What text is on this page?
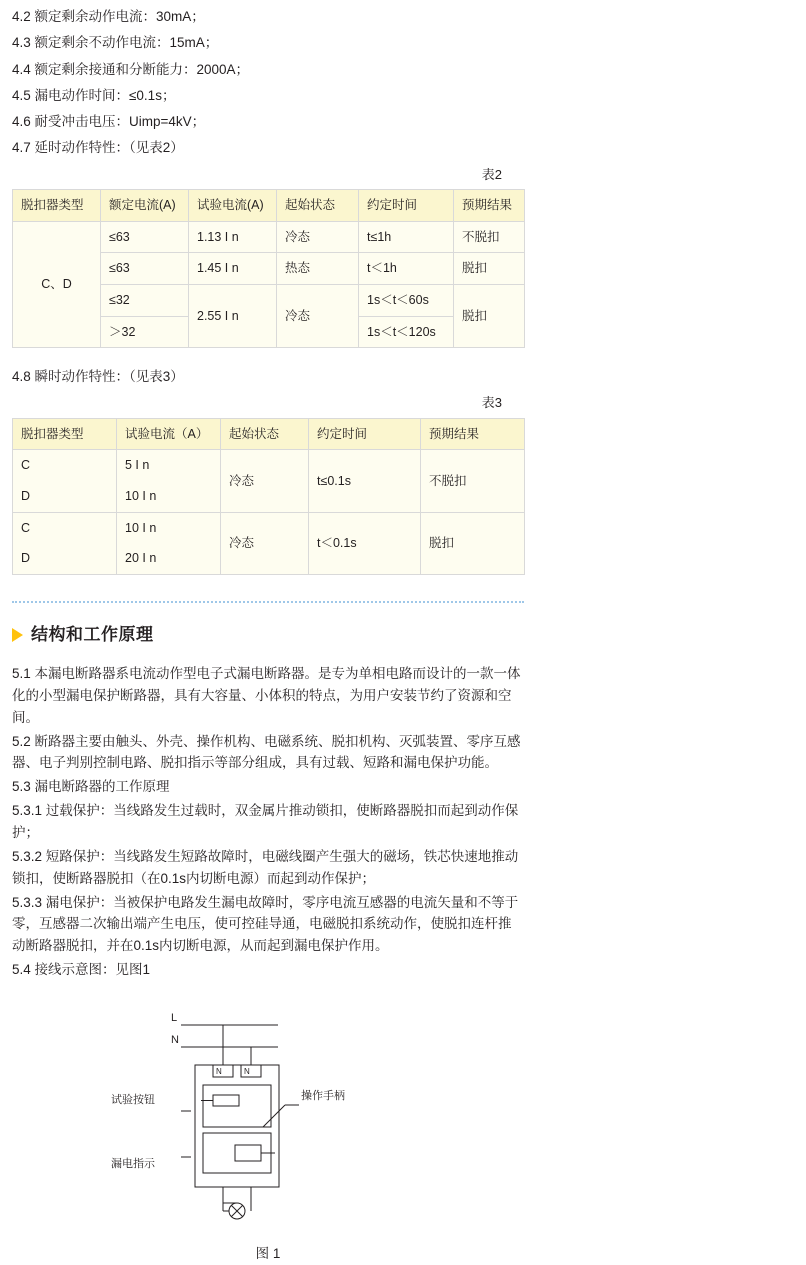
4.2 额定剩余动作电流：30mA；

4.3 额定剩余不动作电流：15mA；

4.4 额定剩余接通和分断能力：2000A；

4.5 漏电动作时间：≤0.1s；

4.6 耐受冲击电压：Uimp=4kV；

4.7 延时动作特性：（见表2）

表2
脱扣器类型	额定电流(A)	试验电流(A)	起始状态	约定时间	预期结果
C、D	≤63	1.13 I n	冷态	t≤1h	不脱扣
	≤63	1.45 I n	热态	t＜1h	脱扣
	≤32	2.55 I n	冷态	1s＜t＜60s	脱扣
	＞32			1s＜t＜120s	

4.8 瞬时动作特性：（见表3）

表3
脱扣器类型	试验电流（A）	起始状态	约定时间	预期结果
C	5 I n	冷态	t≤0.1s	不脱扣
D	10 I n			
C	10 I n	冷态	t＜0.1s	脱扣
D	20 I n			
结构和工作原理

5.1 本漏电断路器系电流动作型电子式漏电断路器。是专为单相电路而设计的一款一体化的小型漏电保护断路器，具有大容量、小体积的特点，为用户安装节约了资源和空间。

5.2 断路器主要由触头、外壳、操作机构、电磁系统、脱扣机构、灭弧装置、零序互感器、电子判别控制电路、脱扣指示等部分组成，具有过载、短路和漏电保护功能。

5.3 漏电断路器的工作原理

5.3.1 过载保护：当线路发生过载时，双金属片推动锁扣，使断路器脱扣而起到动作保护；

5.3.2 短路保护：当线路发生短路故障时，电磁线圈产生强大的磁场，铁芯快速地推动锁扣，使断路器脱扣（在0.1s内切断电源）而起到动作保护；

5.3.3 漏电保护：当被保护电路发生漏电故障时，零序电流互感器的电流矢量和不等于零，互感器二次输出端产生电压，使可控硅导通，电磁脱扣系统动作，使脱扣连杆推动断路器脱扣，并在0.1s内切断电源，从而起到漏电保护作用。

5.4 接线示意图：见图1

L
N
N	N
试验按钮
漏电指示
操作手柄
图 1
